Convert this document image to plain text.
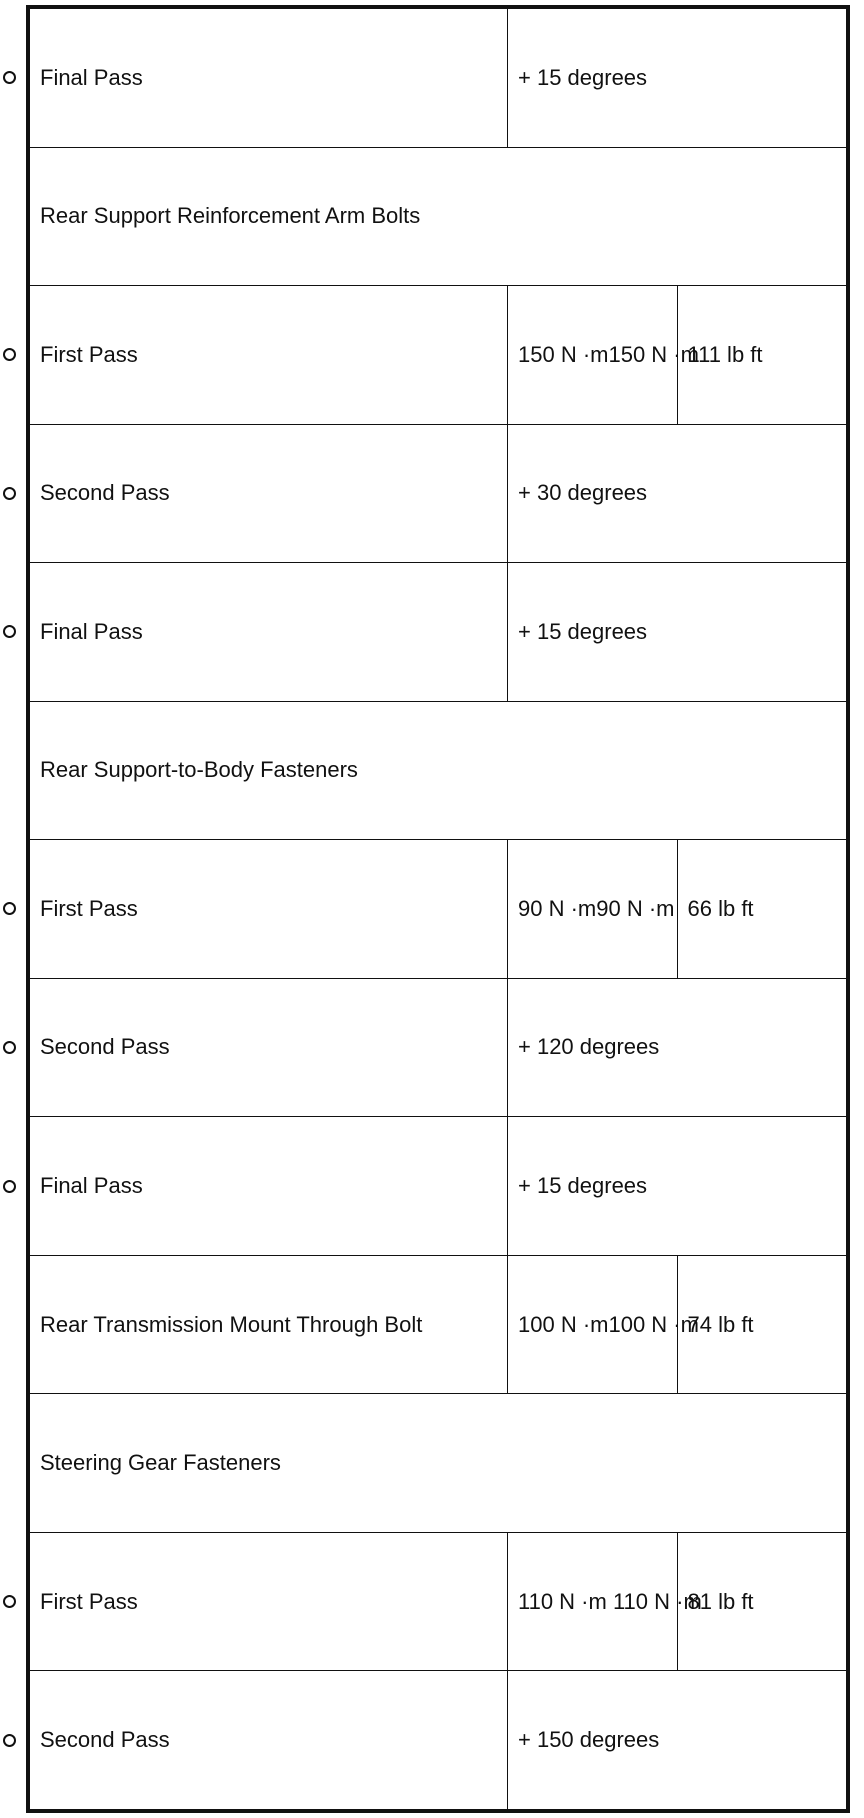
Final Pass	+ 15 degrees	
Rear Support Reinforcement Arm Bolts		
First Pass	150 N ·m150 N ·m	111 lb ft
Second Pass	+ 30 degrees	
Final Pass	+ 15 degrees	
Rear Support-to-Body Fasteners		
First Pass	90 N ·m90 N ·m	66 lb ft
Second Pass	+ 120 degrees	
Final Pass	+ 15 degrees	
Rear Transmission Mount Through Bolt	100 N ·m100 N ·m	74 lb ft
Steering Gear Fasteners		
First Pass	110 N ·m 110 N ·m	81 lb ft
Second Pass	+ 150 degrees	
